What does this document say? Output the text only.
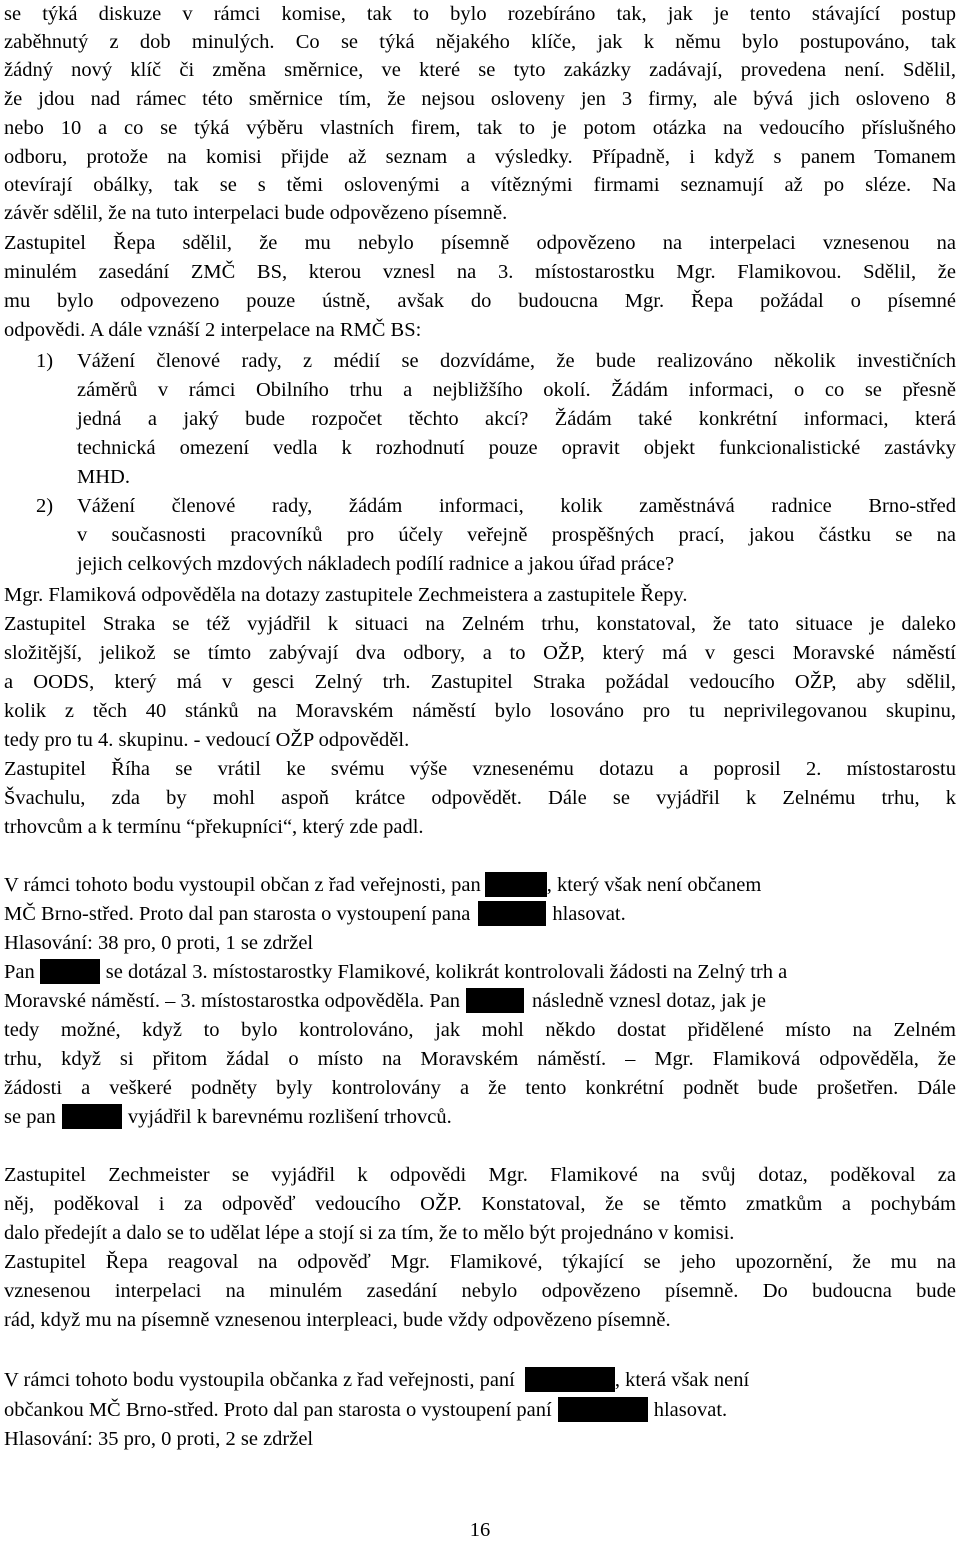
se týká diskuze v rámci komise, tak to bylo rozebíráno tak, jak je tento stávající postup
zaběhnutý z dob minulých. Co se týká nějakého klíče, jak k němu bylo postupováno, tak
žádný nový klíč či změna směrnice, ve které se tyto zakázky zadávají, provedena není. Sdělil,
že jdou nad rámec této směrnice tím, že nejsou osloveny jen 3 firmy, ale bývá jich osloveno 8
nebo 10 a co se týká výběru vlastních firem, tak to je potom otázka na vedoucího příslušného
odboru, protože na komisi přijde až seznam a výsledky. Případně, i když s panem Tomanem
otevírají obálky, tak se s těmi oslovenými a vítěznými firmami seznamují až po sléze. Na
závěr sdělil, že na tuto interpelaci bude odpovězeno písemně.
Zastupitel Řepa sdělil, že mu nebylo písemně odpovězeno na interpelaci vznesenou na
minulém zasedání ZMČ BS, kterou vznesl na 3. místostarostku Mgr. Flamikovou. Sdělil, že
mu bylo odpovezeno pouze ústně, avšak do budoucna Mgr. Řepa požádal o písemné
odpovědi. A dále vznáší 2 interpelace na RMČ BS:
1) Vážení členové rady, z médií se dozvídáme, že bude realizováno několik investičních
záměrů v rámci Obilního trhu a nejbližšího okolí. Žádám informaci, o co se přesně
jedná a jaký bude rozpočet těchto akcí? Žádám také konkrétní informaci, která
technická omezení vedla k rozhodnutí pouze opravit objekt funkcionalistické zastávky
MHD.
2) Vážení členové rady, žádám informaci, kolik zaměstnává radnice Brno-střed
v současnosti pracovníků pro účely veřejně prospěšných prací, jakou částku se na
jejich celkových mzdových nákladech podílí radnice a jakou úřad práce?
Mgr. Flamiková odpověděla na dotazy zastupitele Zechmeistera a zastupitele Řepy.
Zastupitel Straka se též vyjádřil k situaci na Zelném trhu, konstatoval, že tato situace je daleko
složitější, jelikož se tímto zabývají dva odbory, a to OŽP, který má v gesci Moravské náměstí
a OODS, který má v gesci Zelný trh. Zastupitel Straka požádal vedoucího OŽP, aby sdělil,
kolik z těch 40 stánků na Moravském náměstí bylo losováno pro tu neprivilegovanou skupinu,
tedy pro tu 4. skupinu. - vedoucí OŽP odpověděl.
Zastupitel Říha se vrátil ke svému výše vznesenému dotazu a poprosil 2. místostarostu
Švachulu, zda by mohl aspoň krátce odpovědět. Dále se vyjádřil k Zelnému trhu, k
trhovcům a k termínu “překupníci“, který zde padl.
V rámci tohoto bodu vystoupil občan z řad veřejnosti, pan	, který však není občanem
MČ Brno-střed. Proto dal pan starosta o vystoupení pana	hlasovat.
Hlasování: 38 pro, 0 proti, 1 se zdržel
Pan	se dotázal 3. místostarostky Flamikové, kolikrát kontrolovali žádosti na Zelný trh a
Moravské náměstí. – 3. místostarostka odpověděla. Pan	následně vznesl dotaz, jak je
tedy možné, když to bylo kontrolováno, jak mohl někdo dostat přidělené místo na Zelném
trhu, když si přitom žádal o místo na Moravském náměstí. – Mgr. Flamiková odpověděla, že
žádosti a veškeré podněty byly kontrolovány a že tento konkrétní podnět bude prošetřen. Dále
se pan	vyjádřil k barevnému rozlišení trhovců.
Zastupitel Zechmeister se vyjádřil k odpovědi Mgr. Flamikové na svůj dotaz, poděkoval za
něj, poděkoval i za odpověď vedoucího OŽP. Konstatoval, že se těmto zmatkům a pochybám
dalo předejít a dalo se to udělat lépe a stojí si za tím, že to mělo být projednáno v komisi.
Zastupitel Řepa reagoval na odpověď Mgr. Flamikové, týkající se jeho upozornění, že mu na
vznesenou interpelaci na minulém zasedání nebylo odpovězeno písemně. Do budoucna bude
rád, když mu na písemně vznesenou interpleaci, bude vždy odpovězeno písemně.
V rámci tohoto bodu vystoupila občanka z řad veřejnosti, paní	, která však není
občankou MČ Brno-střed. Proto dal pan starosta o vystoupení paní	hlasovat.
Hlasování: 35 pro, 0 proti, 2 se zdržel
16
